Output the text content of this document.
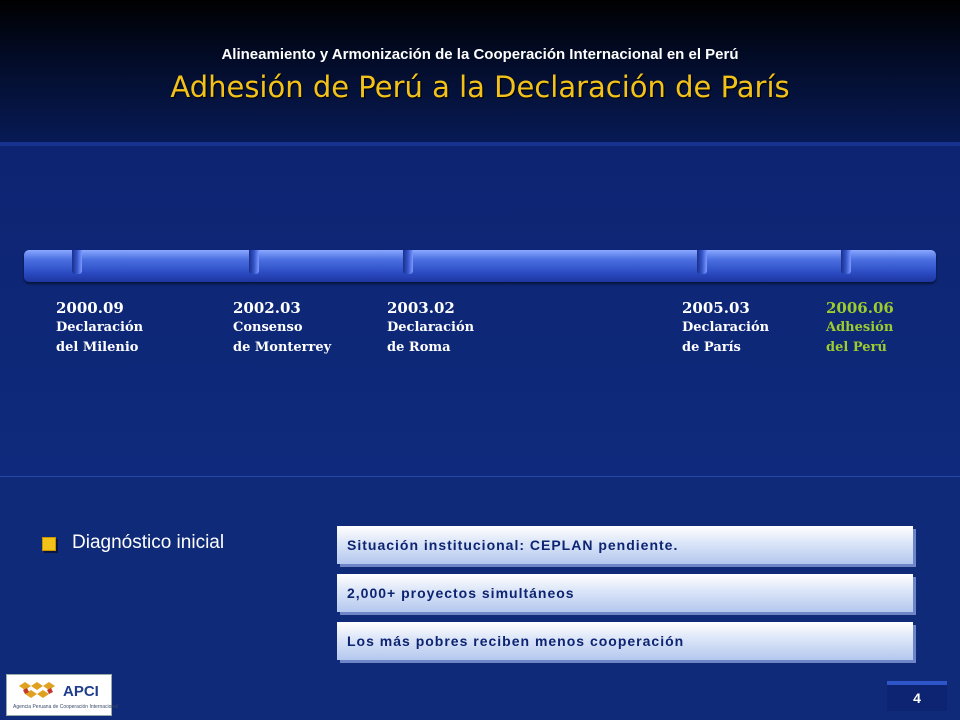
Alineamiento y Armonización de la Cooperación Internacional en el Perú
Adhesión de Perú a la Declaración de París
2000.09
Declaración
del Milenio
2002.03
Consenso
de Monterrey
2003.02
Declaración
de Roma
2005.03
Declaración
de París
2006.06
Adhesión
del Perú
Diagnóstico inicial	Situación institucional: CEPLAN pendiente.
2,000+ proyectos simultáneos
Los más pobres reciben menos cooperación
APCI
Agencia Peruana de Cooperación Internacional
4
